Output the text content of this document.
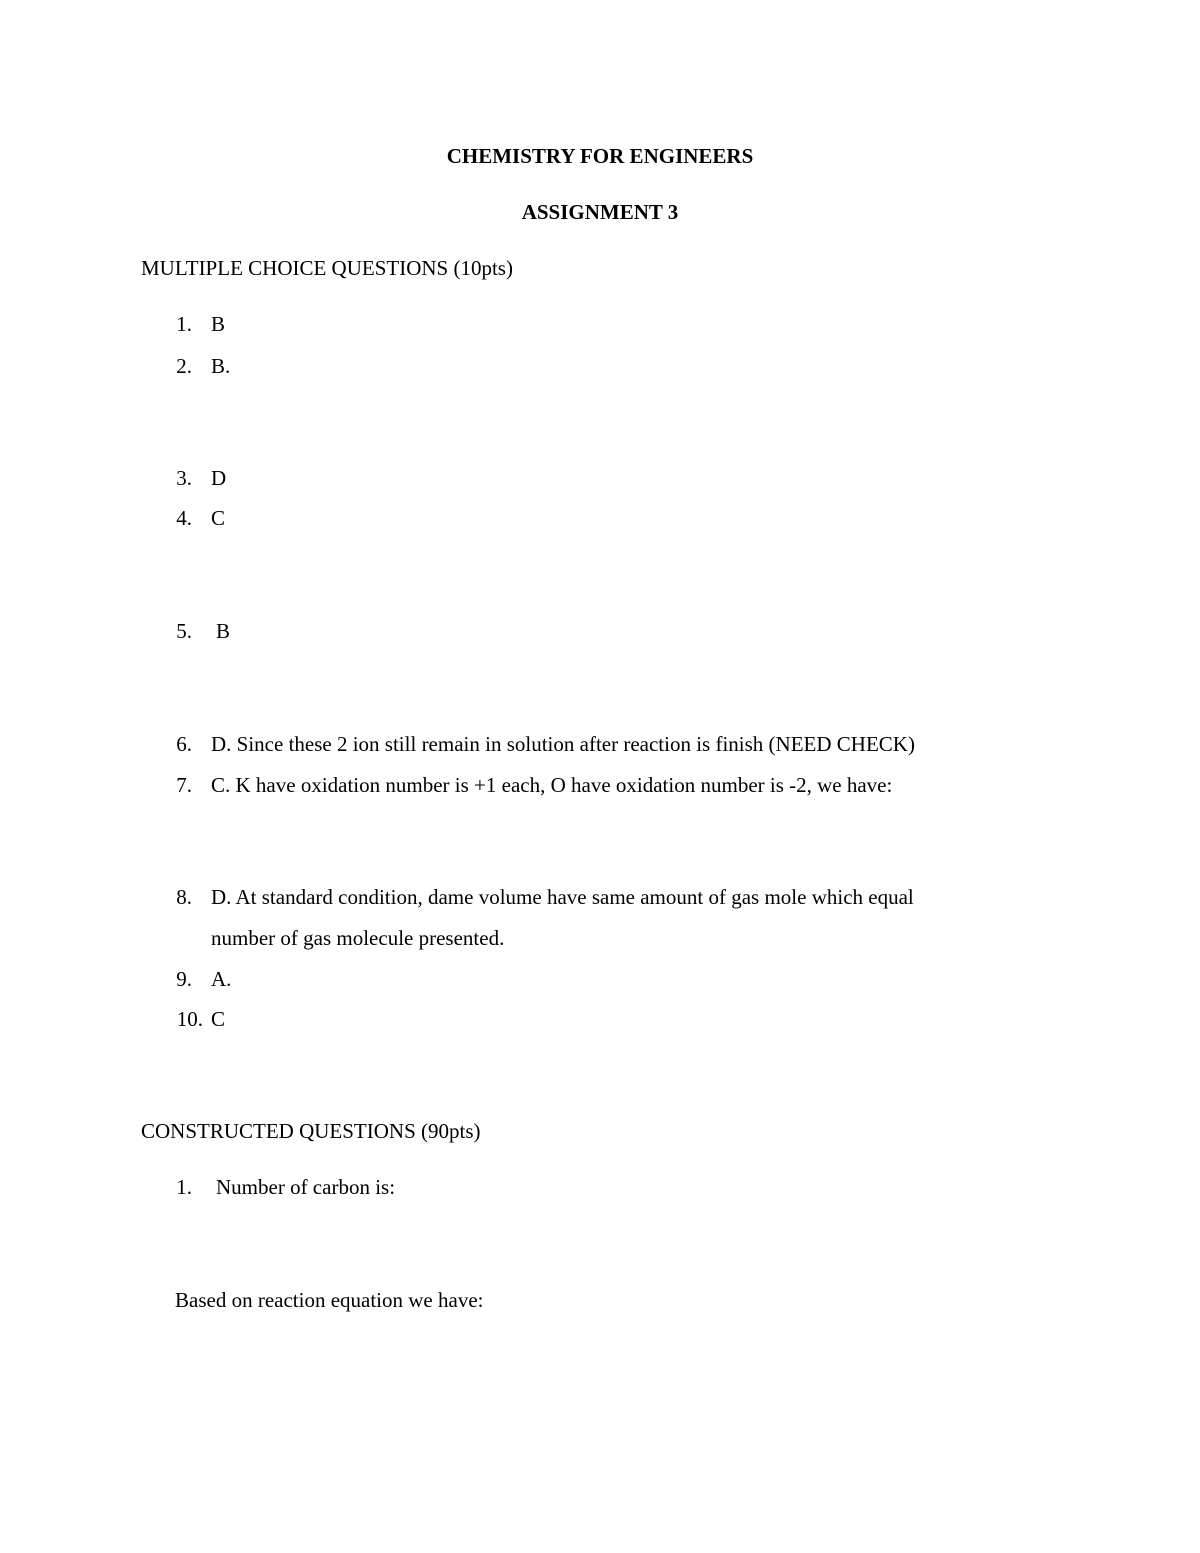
CHEMISTRY FOR ENGINEERS
ASSIGNMENT 3
MULTIPLE CHOICE QUESTIONS (10pts)
1. B
2. B.
3. D
4. C
5. B
6. D. Since these 2 ion still remain in solution after reaction is finish (NEED CHECK)
7. C. K have oxidation number is +1 each, O have oxidation number is -2, we have:
8. D. At standard condition, dame volume have same amount of gas mole which equal
number of gas molecule presented.
9. A.
10. C
CONSTRUCTED QUESTIONS (90pts)
1. Number of carbon is:
Based on reaction equation we have:
